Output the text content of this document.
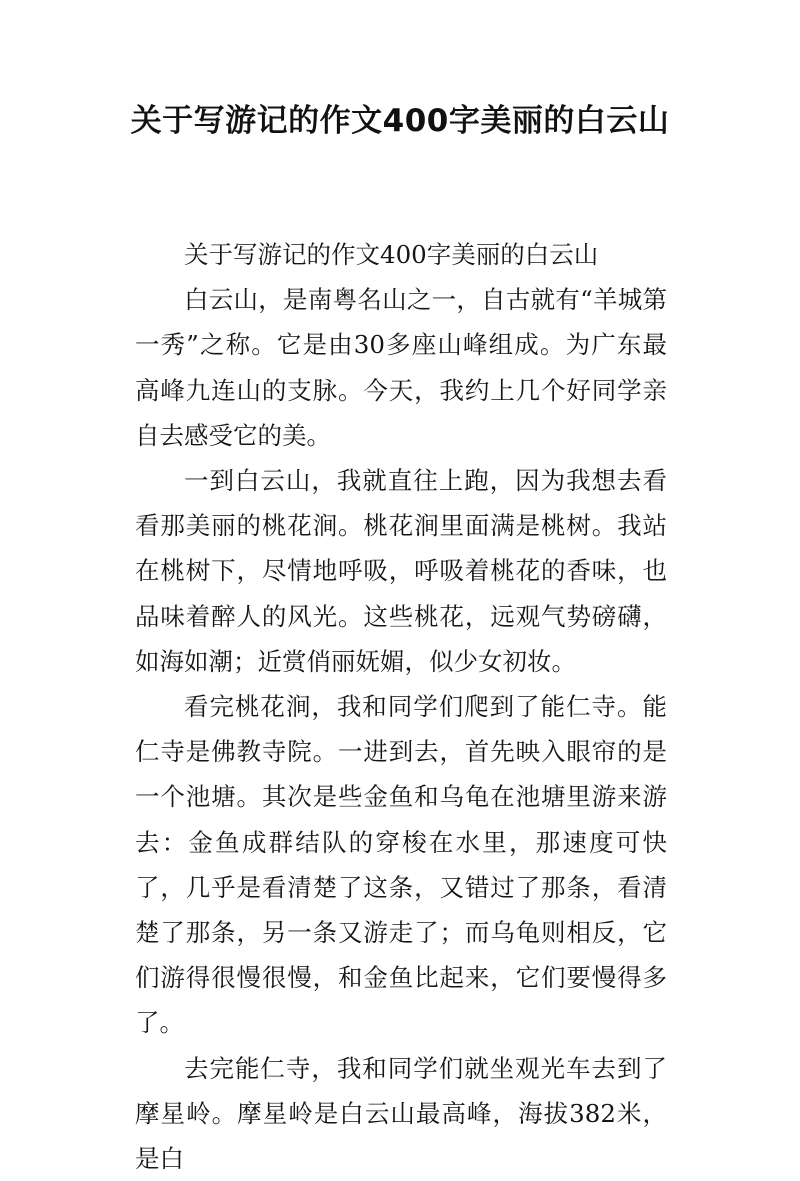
关于写游记的作文400字美丽的白云山

关于写游记的作文400字美丽的白云山

白云山，是南粤名山之一，自古就有“羊城第一秀”之称。它是由30多座山峰组成。为广东最高峰九连山的支脉。今天，我约上几个好同学亲自去感受它的美。

一到白云山，我就直往上跑，因为我想去看看那美丽的桃花涧。桃花涧里面满是桃树。我站在桃树下，尽情地呼吸，呼吸着桃花的香味，也品味着醉人的风光。这些桃花，远观气势磅礴，如海如潮；近赏俏丽妩媚，似少女初妆。

看完桃花涧，我和同学们爬到了能仁寺。能仁寺是佛教寺院。一进到去，首先映入眼帘的是一个池塘。其次是些金鱼和乌龟在池塘里游来游去：金鱼成群结队的穿梭在水里，那速度可快了，几乎是看清楚了这条，又错过了那条，看清楚了那条，另一条又游走了；而乌龟则相反，它们游得很慢很慢，和金鱼比起来，它们要慢得多了。

去完能仁寺，我和同学们就坐观光车去到了摩星岭。摩星岭是白云山最高峰，海拔382米，是白
